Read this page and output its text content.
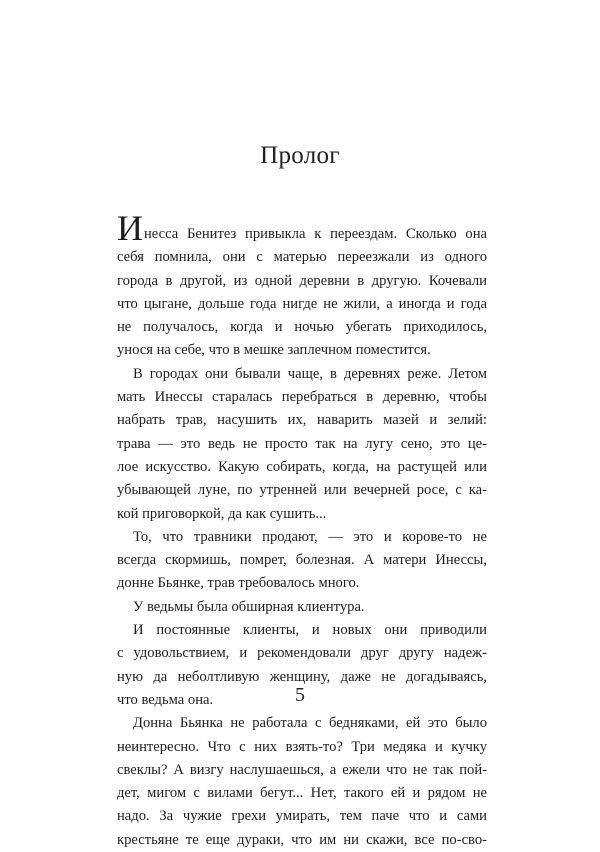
Пролог
Инесса Бенитез привыкла к переездам. Сколько она
себя помнила, они с матерью переезжали из одного
города в другой, из одной деревни в другую. Кочевали
что цыгане, дольше года нигде не жили, а иногда и года
не получалось, когда и ночью убегать приходилось,
унося на себе, что в мешке заплечном поместится.
В городах они бывали чаще, в деревнях реже. Летом
мать Инессы старалась перебраться в деревню, чтобы
набрать трав, насушить их, наварить мазей и зелий:
трава — это ведь не просто так на лугу сено, это це-
лое искусство. Какую собирать, когда, на растущей или
убывающей луне, по утренней или вечерней росе, с ка-
кой приговоркой, да как сушить...
То, что травники продают, — это и корове-то не
всегда скормишь, помрет, болезная. А матери Инессы,
донне Бьянке, трав требовалось много.
У ведьмы была обширная клиентура.
И постоянные клиенты, и новых они приводили
с удовольствием, и рекомендовали друг другу надеж-
ную да неболтливую женщину, даже не догадываясь,
что ведьма она.
Донна Бьянка не работала с бедняками, ей это было
неинтересно. Что с них взять-то? Три медяка и кучку
свеклы? А визгу наслушаешься, а ежели что не так пой-
дет, мигом с вилами бегут... Нет, такого ей и рядом не
надо. За чужие грехи умирать, тем паче что и сами
крестьяне те еще дураки, что им ни скажи, все по-сво-
5
